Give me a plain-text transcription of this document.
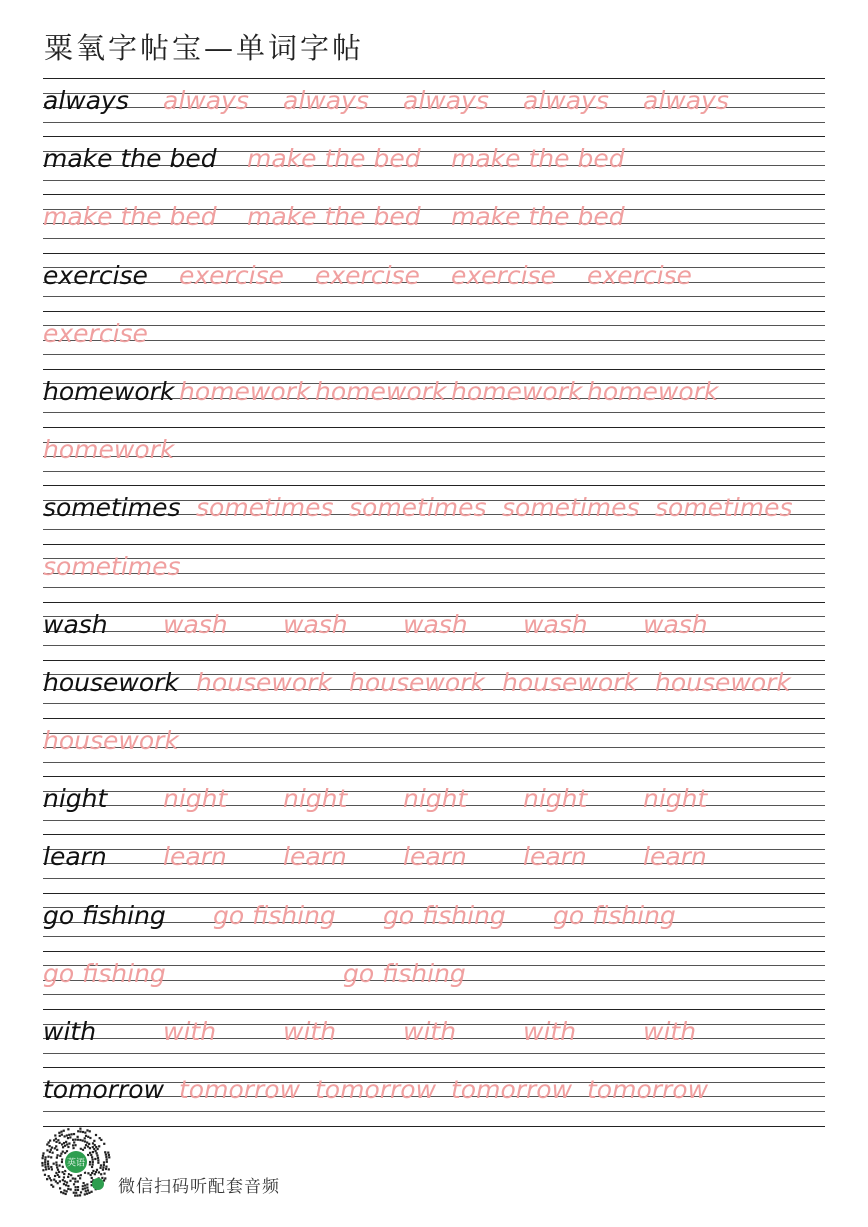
粟氧字帖宝—单词字帖
always always always always always always
make the bed make the bed make the bed
make the bed make the bed make the bed
exercise exercise exercise exercise exercise
exercise
homework homework homework homework homework
homework
sometimes sometimes sometimes sometimes sometimes
sometimes
wash wash wash wash wash wash
housework housework housework housework housework
housework
night night night night night night
learn learn learn learn learn learn
go fishing go fishing go fishing go fishing
go fishing	go fishing
with	with	with	with	with	with
tomorrow tomorrow tomorrow tomorrow tomorrow
英语
微信扫码听配套音频
